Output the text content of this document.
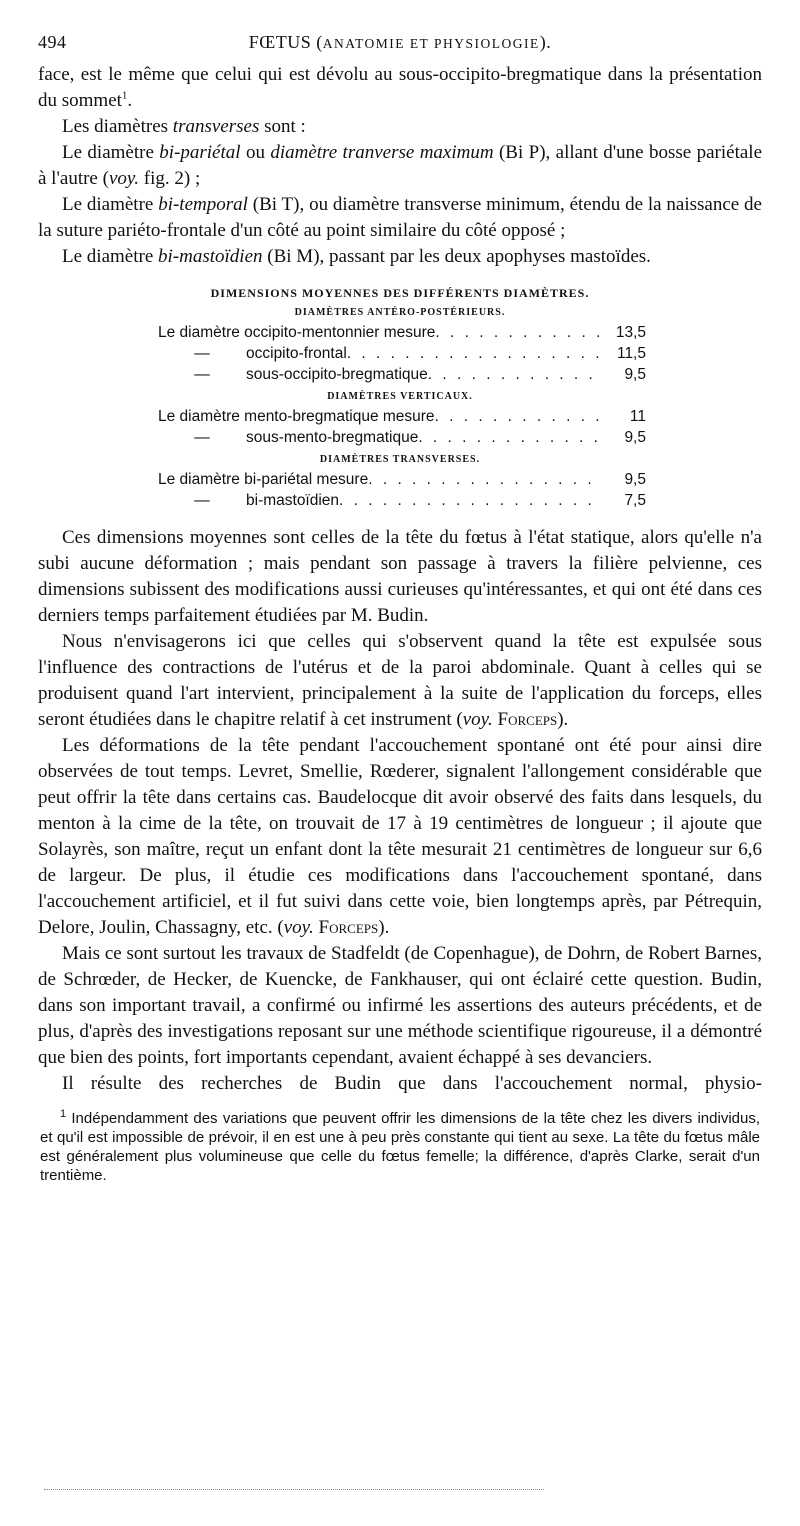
494	FŒTUS (ANATOMIE ET PHYSIOLOGIE).

face, est le même que celui qui est dévolu au sous-occipito-bregmatique dans la présentation du sommet$^1$.

Les diamètres transverses sont :

Le diamètre bi-pariétal ou diamètre tranverse maximum (Bi P), allant d'une bosse pariétale à l'autre (voy. fig. 2) ;

Le diamètre bi-temporal (Bi T), ou diamètre transverse minimum, étendu de la naissance de la suture pariéto-frontale d'un côté au point similaire du côté opposé ;

Le diamètre bi-mastoïdien (Bi M), passant par les deux apophyses mastoïdes.

DIMENSIONS MOYENNES DES DIFFÉRENTS DIAMÈTRES.
DIAMÈTRES ANTÉRO-POSTÉRIEURS.
Le diamètre occipito-mentonnier mesure . . .	13,5
— occipito-frontal . . .	11,5
— sous-occipito-bregmatique . . .	9,5
DIAMÈTRES VERTICAUX.
Le diamètre mento-bregmatique mesure . . .	11
— sous-mento-bregmatique . . .	9,5
DIAMÈTRES TRANSVERSES.
Le diamètre bi-pariétal mesure . . .	9,5
— bi-mastoïdien . . .	7,5

Ces dimensions moyennes sont celles de la tête du fœtus à l'état statique, alors qu'elle n'a subi aucune déformation ; mais pendant son passage à travers la filière pelvienne, ces dimensions subissent des modifications aussi curieuses qu'intéressantes, et qui ont été dans ces derniers temps parfaitement étudiées par M. Budin.

Nous n'envisagerons ici que celles qui s'observent quand la tête est expulsée sous l'influence des contractions de l'utérus et de la paroi abdominale. Quant à celles qui se produisent quand l'art intervient, principalement à la suite de l'application du forceps, elles seront étudiées dans le chapitre relatif à cet instrument (voy. Forceps).

Les déformations de la tête pendant l'accouchement spontané ont été pour ainsi dire observées de tout temps. Levret, Smellie, Rœderer, signalent l'allongement considérable que peut offrir la tête dans certains cas. Baudelocque dit avoir observé des faits dans lesquels, du menton à la cime de la tête, on trouvait de 17 à 19 centimètres de longueur ; il ajoute que Solayrès, son maître, reçut un enfant dont la tête mesurait 21 centimètres de longueur sur 6,6 de largeur. De plus, il étudie ces modifications dans l'accouchement spontané, dans l'accouchement artificiel, et il fut suivi dans cette voie, bien longtemps après, par Pétrequin, Delore, Joulin, Chassagny, etc. (voy. Forceps).

Mais ce sont surtout les travaux de Stadfeldt (de Copenhague), de Dohrn, de Robert Barnes, de Schrœder, de Hecker, de Kuencke, de Fankhauser, qui ont éclairé cette question. Budin, dans son important travail, a confirmé ou infirmé les assertions des auteurs précédents, et de plus, d'après des investigations reposant sur une méthode scientifique rigoureuse, il a démontré que bien des points, fort importants cependant, avaient échappé à ses devanciers.

Il résulte des recherches de Budin que dans l'accouchement normal, physio-

$^1$ Indépendamment des variations que peuvent offrir les dimensions de la tête chez les divers individus, et qu'il est impossible de prévoir, il en est une à peu près constante qui tient au sexe. La tête du fœtus mâle est généralement plus volumineuse que celle du fœtus femelle; la différence, d'après Clarke, serait d'un trentième.
